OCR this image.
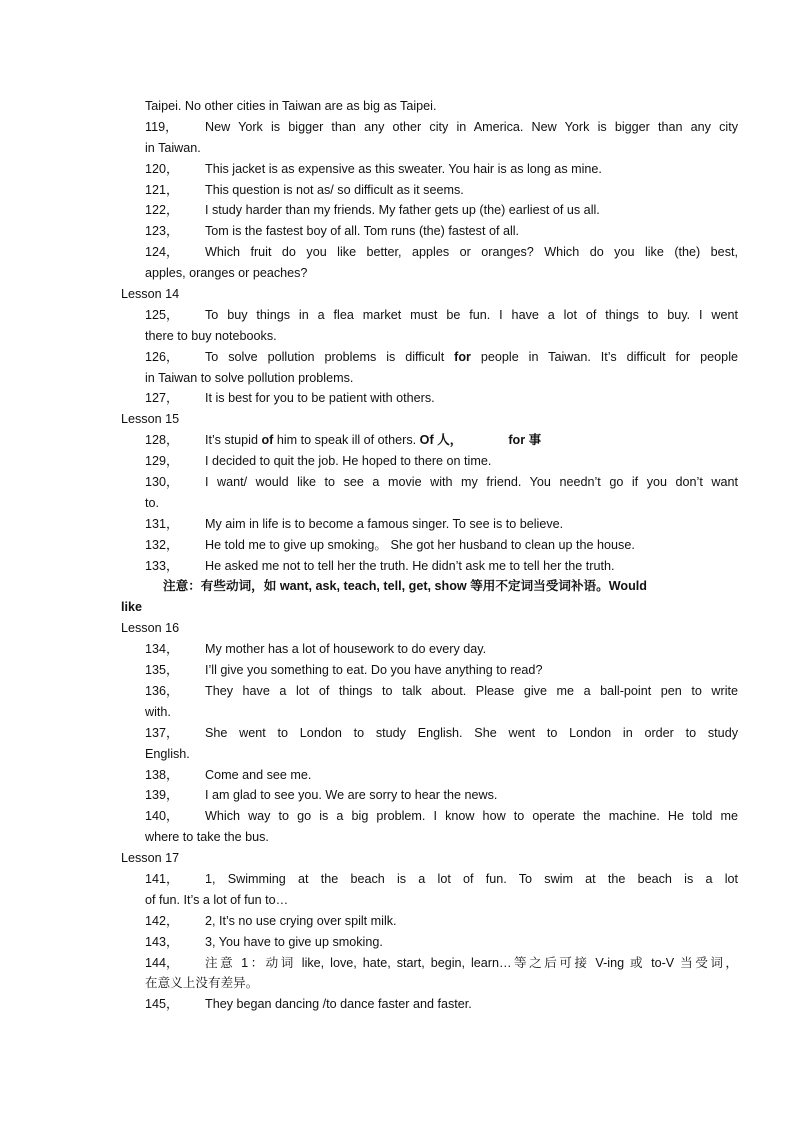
Taipei. No other cities in Taiwan are as big as Taipei.
119， New York is bigger than any other city in America. New York is bigger than any city
in Taiwan.
120， This jacket is as expensive as this sweater. You hair is as long as mine.
121， This question is not as/ so difficult as it seems.
122， I study harder than my friends. My father gets up (the) earliest of us all.
123， Tom is the fastest boy of all. Tom runs (the) fastest of all.
124， Which fruit do you like better, apples or oranges? Which do you like (the) best,
apples, oranges or peaches?
Lesson 14
125， To buy things in a flea market must be fun. I have a lot of things to buy. I went
there to buy notebooks.
126， To solve pollution problems is difficult for people in Taiwan. It’s difficult for people
in Taiwan to solve pollution problems.
127， It is best for you to be patient with others.
Lesson 15
128， It’s stupid of him to speak ill of others. Of 人，	for 事
129， I decided to quit the job. He hoped to there on time.
130， I want/ would like to see a movie with my friend. You needn’t go if you don’t want
to.
131， My aim in life is to become a famous singer. To see is to believe.
132， He told me to give up smoking。 She got her husband to clean up the house.
133， He asked me not to tell her the truth. He didn’t ask me to tell her the truth.
注意：有些动词，如 want, ask, teach, tell, get, show 等用不定词当受词补语。Would
like
Lesson 16
134， My mother has a lot of housework to do every day.
135， I’ll give you something to eat. Do you have anything to read?
136， They have a lot of things to talk about. Please give me a ball-point pen to write
with.
137， She went to London to study English. She went to London in order to study
English.
138， Come and see me.
139， I am glad to see you. We are sorry to hear the news.
140， Which way to go is a big problem. I know how to operate the machine. He told me
where to take the bus.
Lesson 17
141， 1, Swimming at the beach is a lot of fun. To swim at the beach is a lot
of fun. It’s a lot of fun to…
142， 2, It’s no use crying over spilt milk.
143， 3, You have to give up smoking.
144， 注意 1：动词 like, love, hate, start, begin, learn…等之后可接 V-ing 或 to-V 当受词，
在意义上没有差异。
145， They began dancing /to dance faster and faster.
